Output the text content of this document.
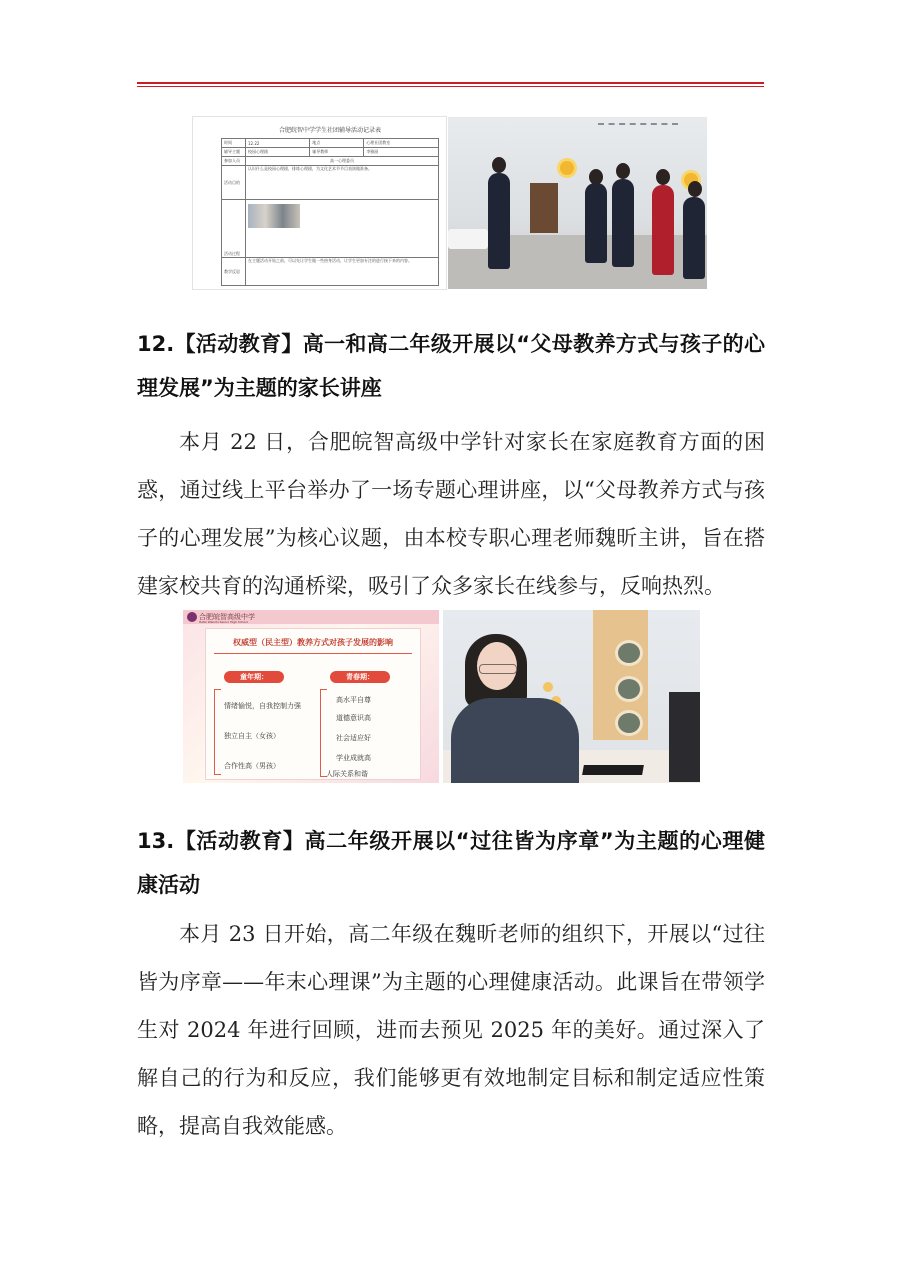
合肥皖智中学学生社团辅导活动记录表
时间	12.22	地点	心理社团教室
辅导主题	校园心理剧	辅导教师	李雅丽
参加人员	高一心理委员		
活动目的	认识什么是校园心理剧，排练心理剧，为文化艺术节节目表演做准备。		
活动过程			
教学反思	在主题活动开始之前，可以先让学生做一些热身活动，让学生更加专注的进行接下来的内容。		
12.【活动教育】高一和高二年级开展以“父母教养方式与孩子的心理发展”为主题的家长讲座
本月 22 日，合肥皖智高级中学针对家长在家庭教育方面的困惑，通过线上平台举办了一场专题心理讲座，以“父母教养方式与孩子的心理发展”为核心议题，由本校专职心理老师魏昕主讲，旨在搭建家校共育的沟通桥梁，吸引了众多家长在线参与，反响热烈。
合肥皖智高级中学
Hefei Wanzhi Senior High School
权威型（民主型）教养方式对孩子发展的影响
童年期：	青春期：
情绪愉悦，自我控制力强
独立自主（女孩）
合作性高（男孩）
高水平自尊
道德意识高
社会适应好
学业成就高
人际关系和谐
13.【活动教育】高二年级开展以“过往皆为序章”为主题的心理健康活动
本月 23 日开始，高二年级在魏昕老师的组织下，开展以“过往皆为序章——年末心理课”为主题的心理健康活动。此课旨在带领学生对 2024 年进行回顾，进而去预见 2025 年的美好。通过深入了解自己的行为和反应，我们能够更有效地制定目标和制定适应性策略，提高自我效能感。
